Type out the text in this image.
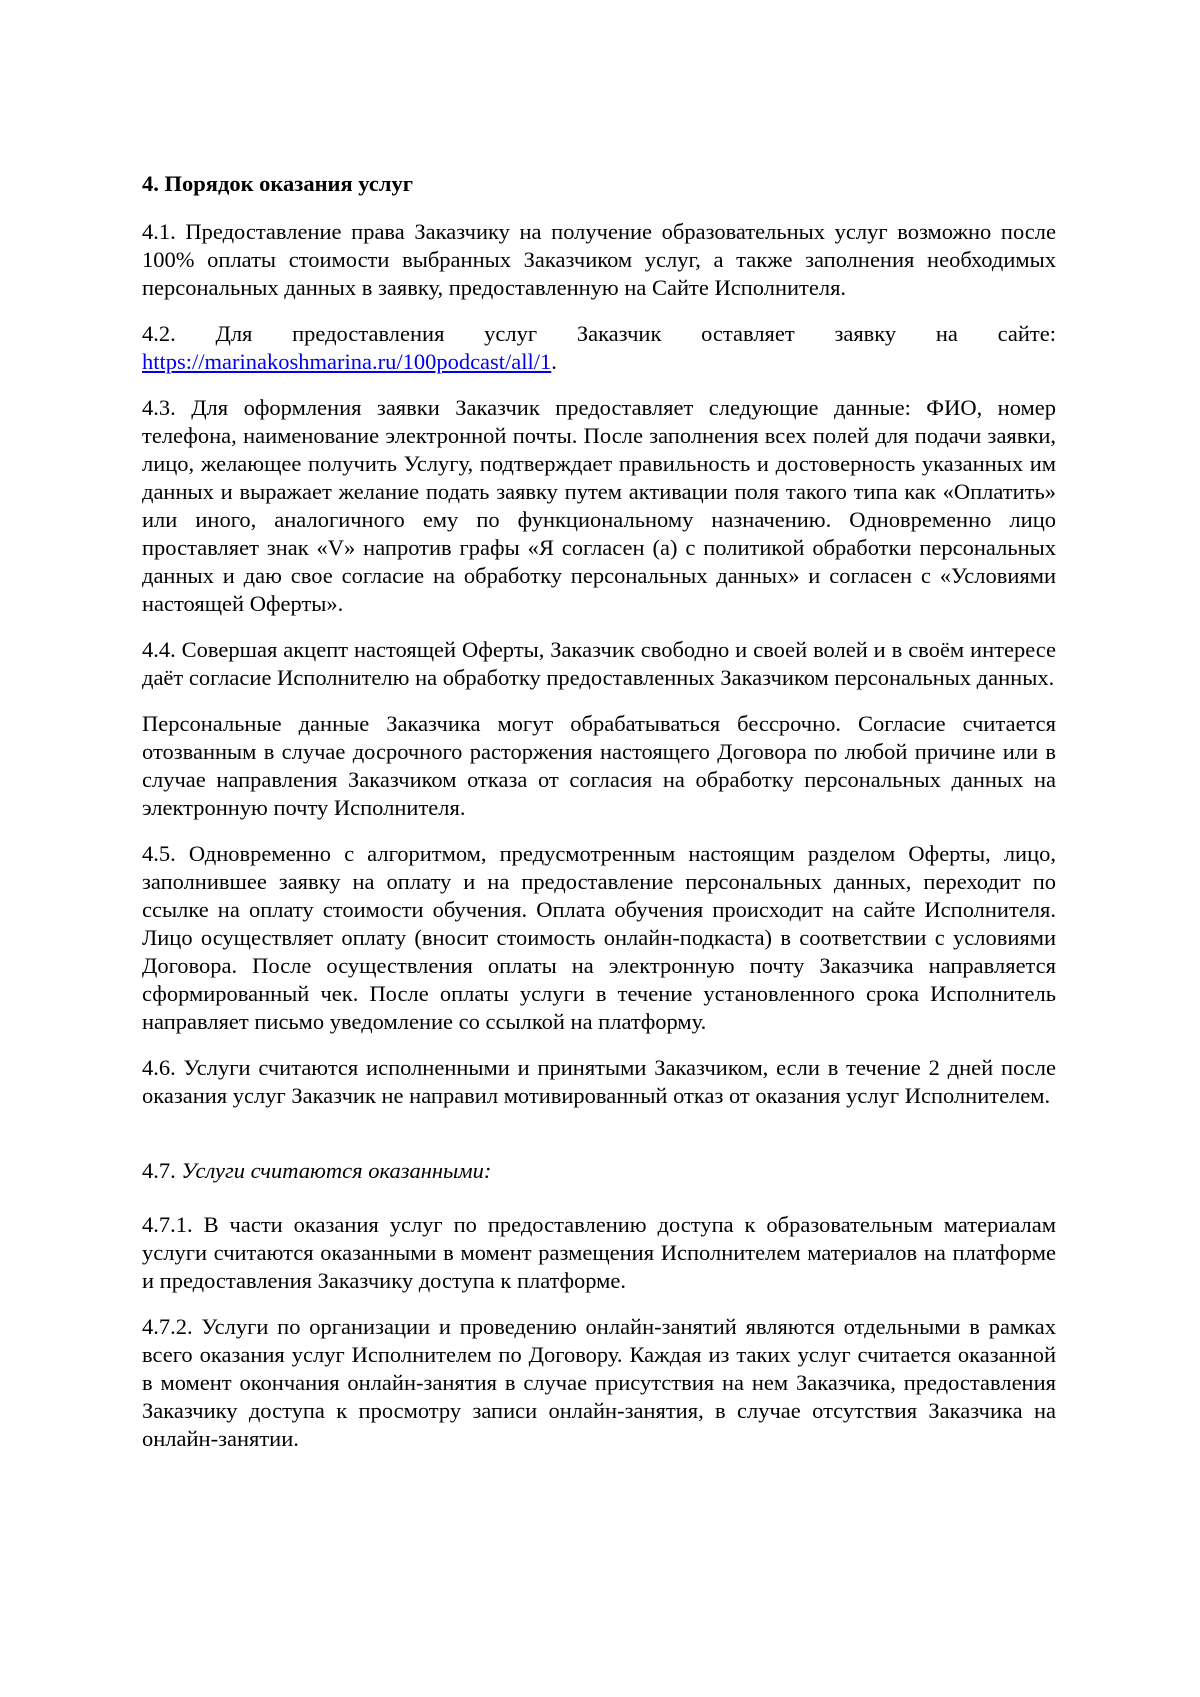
4. Порядок оказания услуг

4.1. Предоставление права Заказчику на получение образовательных услуг возможно после 100% оплаты стоимости выбранных Заказчиком услуг, а также заполнения необходимых персональных данных в заявку, предоставленную на Сайте Исполнителя.

4.2. Для предоставления услуг Заказчик оставляет заявку на сайте: https://marinakoshmarina.ru/100podcast/all/1.

4.3. Для оформления заявки Заказчик предоставляет следующие данные: ФИО, номер телефона, наименование электронной почты. После заполнения всех полей для подачи заявки, лицо, желающее получить Услугу, подтверждает правильность и достоверность указанных им данных и выражает желание подать заявку путем активации поля такого типа как «Оплатить» или иного, аналогичного ему по функциональному назначению. Одновременно лицо проставляет знак «V» напротив графы «Я согласен (а) с политикой обработки персональных данных и даю свое согласие на обработку персональных данных» и согласен с «Условиями настоящей Оферты».

4.4. Совершая акцепт настоящей Оферты, Заказчик свободно и своей волей и в своём интересе даёт согласие Исполнителю на обработку предоставленных Заказчиком персональных данных.

Персональные данные Заказчика могут обрабатываться бессрочно. Согласие считается отозванным в случае досрочного расторжения настоящего Договора по любой причине или в случае направления Заказчиком отказа от согласия на обработку персональных данных на электронную почту Исполнителя.

4.5. Одновременно с алгоритмом, предусмотренным настоящим разделом Оферты, лицо, заполнившее заявку на оплату и на предоставление персональных данных, переходит по ссылке на оплату стоимости обучения. Оплата обучения происходит на сайте Исполнителя. Лицо осуществляет оплату (вносит стоимость онлайн-подкаста) в соответствии с условиями Договора. После осуществления оплаты на электронную почту Заказчика направляется сформированный чек. После оплаты услуги в течение установленного срока Исполнитель направляет письмо уведомление со ссылкой на платформу.

4.6. Услуги считаются исполненными и принятыми Заказчиком, если в течение 2 дней после оказания услуг Заказчик не направил мотивированный отказ от оказания услуг Исполнителем.

4.7. Услуги считаются оказанными:

4.7.1. В части оказания услуг по предоставлению доступа к образовательным материалам услуги считаются оказанными в момент размещения Исполнителем материалов на платформе и предоставления Заказчику доступа к платформе.

4.7.2. Услуги по организации и проведению онлайн-занятий являются отдельными в рамках всего оказания услуг Исполнителем по Договору. Каждая из таких услуг считается оказанной в момент окончания онлайн-занятия в случае присутствия на нем Заказчика, предоставления Заказчику доступа к просмотру записи онлайн-занятия, в случае отсутствия Заказчика на онлайн-занятии.
